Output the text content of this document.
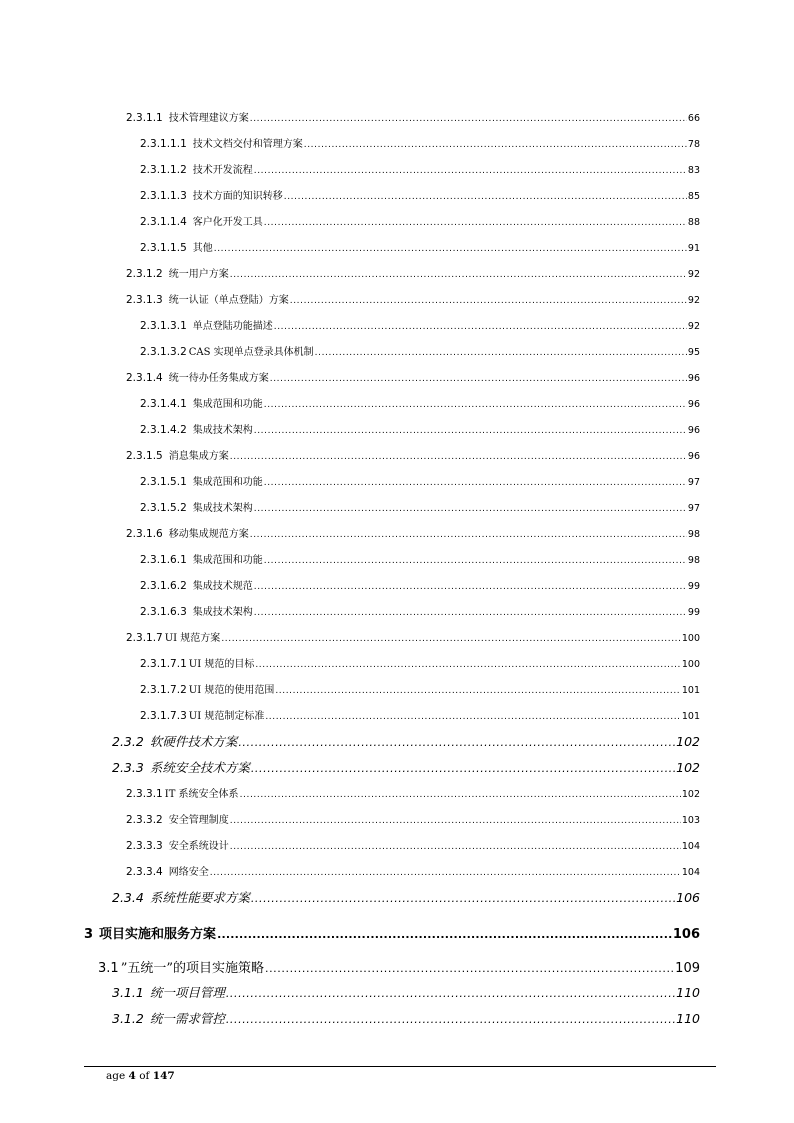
2.3.1.1 技术管理建议方案 .....	66
2.3.1.1.1 技术文档交付和管理方案 .....	78
2.3.1.1.2 技术开发流程 .....	83
2.3.1.1.3 技术方面的知识转移 .....	85
2.3.1.1.4 客户化开发工具 .....	88
2.3.1.1.5 其他 .....	91
2.3.1.2 统一用户方案 .....	92
2.3.1.3 统一认证（单点登陆）方案 .....	92
2.3.1.3.1 单点登陆功能描述 .....	92
2.3.1.3.2 CAS 实现单点登录具体机制 .....	95
2.3.1.4 统一待办任务集成方案 .....	96
2.3.1.4.1 集成范围和功能 .....	96
2.3.1.4.2 集成技术架构 .....	96
2.3.1.5 消息集成方案 .....	96
2.3.1.5.1 集成范围和功能 .....	97
2.3.1.5.2 集成技术架构 .....	97
2.3.1.6 移动集成规范方案 .....	98
2.3.1.6.1 集成范围和功能 .....	98
2.3.1.6.2 集成技术规范 .....	99
2.3.1.6.3 集成技术架构 .....	99
2.3.1.7 UI 规范方案 .....	100
2.3.1.7.1 UI 规范的目标 .....	100
2.3.1.7.2 UI 规范的使用范围 .....	101
2.3.1.7.3 UI 规范制定标准 .....	101
2.3.2 软硬件技术方案 .....	102
2.3.3 系统安全技术方案 .....	102
2.3.3.1 IT 系统安全体系 .....	102
2.3.3.2 安全管理制度 .....	103
2.3.3.3 安全系统设计 .....	104
2.3.3.4 网络安全 .....	104
2.3.4 系统性能要求方案 .....	106
3 项目实施和服务方案 .....	106
3.1 ”五统一”的项目实施策略 .....	109
3.1.1 统一项目管理 .....	110
3.1.2 统一需求管控 .....	110
age 4 of 147
